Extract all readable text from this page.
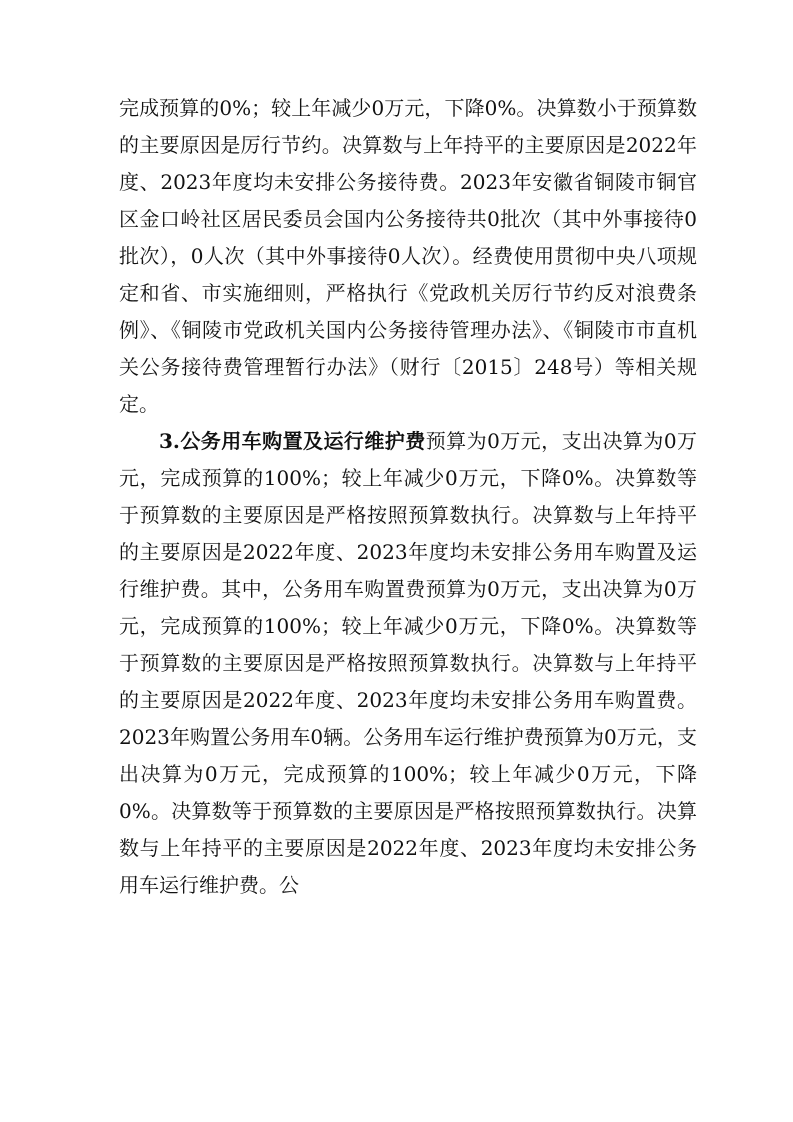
完成预算的0%；较上年减少0万元，下降0%。决算数小于预算数的主要原因是厉行节约。决算数与上年持平的主要原因是2022年度、2023年度均未安排公务接待费。2023年安徽省铜陵市铜官区金口岭社区居民委员会国内公务接待共0批次（其中外事接待0批次），0人次（其中外事接待0人次）。经费使用贯彻中央八项规定和省、市实施细则，严格执行《党政机关厉行节约反对浪费条例》、《铜陵市党政机关国内公务接待管理办法》、《铜陵市市直机关公务接待费管理暂行办法》（财行〔2015〕248号）等相关规定。

3.公务用车购置及运行维护费预算为0万元，支出决算为0万元，完成预算的100%；较上年减少0万元，下降0%。决算数等于预算数的主要原因是严格按照预算数执行。决算数与上年持平的主要原因是2022年度、2023年度均未安排公务用车购置及运行维护费。其中，公务用车购置费预算为0万元，支出决算为0万元，完成预算的100%；较上年减少0万元，下降0%。决算数等于预算数的主要原因是严格按照预算数执行。决算数与上年持平的主要原因是2022年度、2023年度均未安排公务用车购置费。2023年购置公务用车0辆。公务用车运行维护费预算为0万元，支出决算为0万元，完成预算的100%；较上年减少0万元，下降0%。决算数等于预算数的主要原因是严格按照预算数执行。决算数与上年持平的主要原因是2022年度、2023年度均未安排公务用车运行维护费。公
